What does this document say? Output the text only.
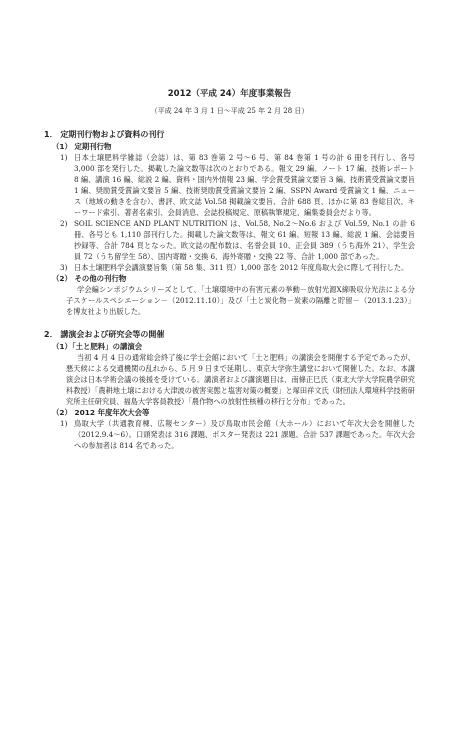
2012（平成 24）年度事業報告
（平成 24 年 3 月 1 日〜平成 25 年 2 月 28 日）
1． 定期刊行物および資料の刊行
（1） 定期刊行物
1) 日本土壌肥料学雑誌（会誌）は、第 83 巻第 2 号〜6 号、第 84 巻第 1 号の計 6 冊を刊行し、各号 3,000 部を発行した。掲載した論文数等は次のとおりである。報文 29 編、ノート 17 編、技術レポート 8 編、講演 16 編、総説 2 編、資料・国内外情報 23 編、学会賞受賞論文要旨 3 編、技術賞受賞論文要旨 1 編、奨励賞受賞論文要旨 5 編、技術奨励賞受賞論文要旨 2 編、SSPN Award 受賞論文 1 編、ニュース（地域の動きを含む）、書評、欧文誌 Vol.58 掲載論文要旨、合計 688 頁、ほかに第 83 巻総目次、キーワード索引、著者名索引、会員消息、会誌投稿規定、原稿執筆規定、編集委員会だより等。
2) SOIL SCIENCE AND PLANT NUTRITION は、Vol.58, No.2〜No.6 および Vol.59, No.1 の計 6 冊、各号とも 1,110 部刊行した。掲載した論文数等は、報文 61 編、短報 13 編、総説 1 編、会誌要旨抄録等、合計 784 頁となった。欧文誌の配布数は、名誉会員 10、正会員 389（うち海外 21）、学生会員 72（うち留学生 58）、国内寄贈・交換 6、海外寄贈・交換 22 等、合計 1,000 部であった。
3) 日本土壌肥料学会講演要旨集（第 58 集、311 頁）1,000 部を 2012 年度鳥取大会に際して刊行した。
（2） その他の刊行物
学会編シンポジウムシリーズとして、「土壌環境中の有害元素の挙動－放射光源X線吸収分光法による分子スケールスペシエーション－（2012.11.10）」及び「土と炭化物－炭素の隔離と貯留－（2013.1.23）」を博友社より出版した。
2． 講演会および研究会等の開催
（1）「土と肥料」の講演会
当初 4 月 4 日の通常総会終了後に学士会館において「土と肥料」の講演会を開催する予定であったが、悪天候による交通機関の乱れから、5 月 9 日まで延期し、東京大学弥生講堂において開催した。なお、本講演会は日本学術会議の後援を受けている。講演者および講演題目は、南條正巳氏（東北大学大学院農学研究科教授）「農耕地土壌における大津波の被害実態と塩害対策の概要」と塚田祥文氏（財団法人環境科学技術研究所主任研究員、福島大学客員教授）「農作物への放射性核種の移行と分布」であった。
（2） 2012 年度年次大会等
1) 鳥取大学（共通教育棟、広報センター）及び鳥取市民会館（大ホール）において年次大会を開催した（2012.9.4〜6）。口頭発表は 316 課題、ポスター発表は 221 課題、合計 537 課題であった。年次大会への参加者は 814 名であった。
